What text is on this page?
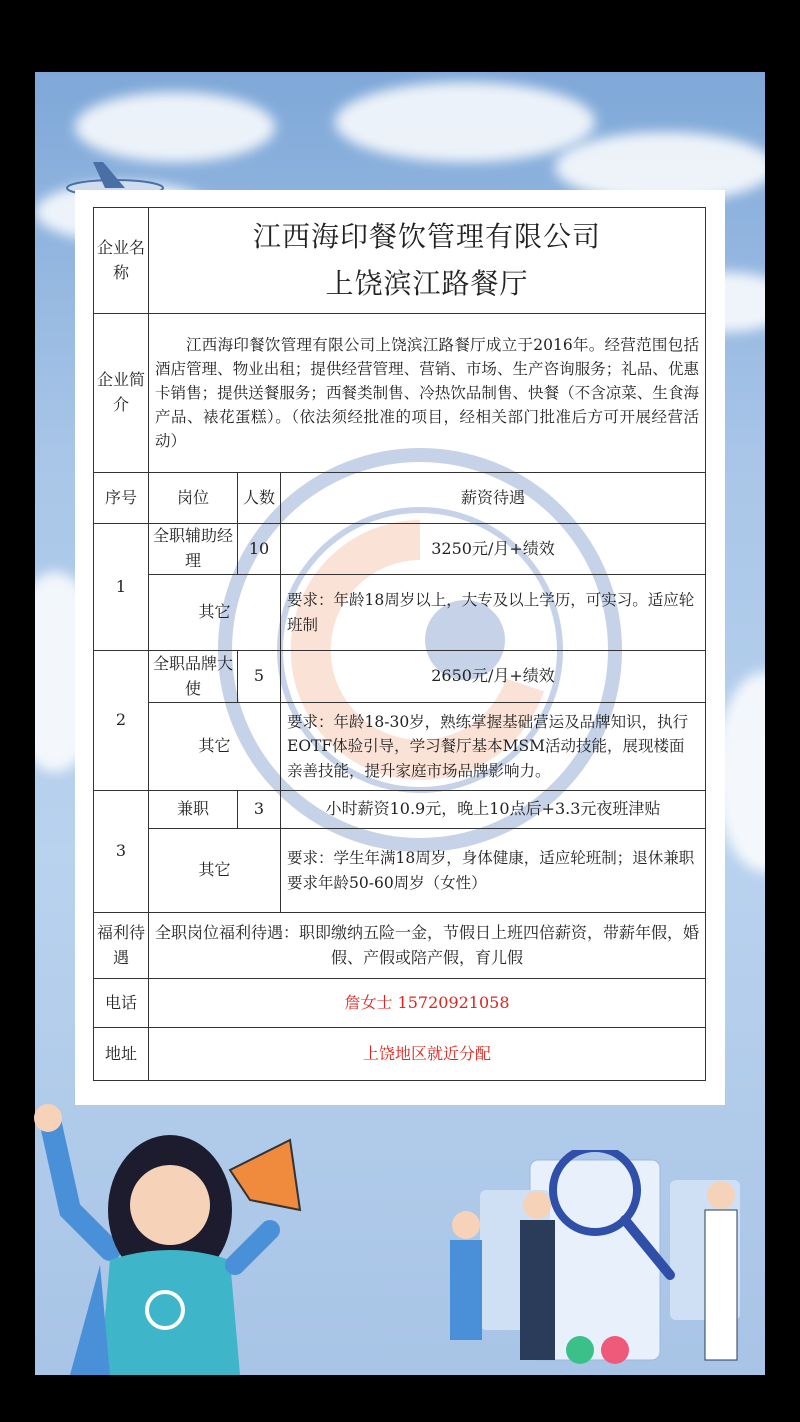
企业名称	江西海印餐饮管理有限公司
上饶滨江路餐厅		

企业简介	江西海印餐饮管理有限公司上饶滨江路餐厅成立于2016年。经营范围包括酒店管理、物业出租；提供经营管理、营销、市场、生产咨询服务；礼品、优惠卡销售；提供送餐服务；西餐类制售、冷热饮品制售、快餐（不含凉菜、生食海产品、裱花蛋糕）。（依法须经批准的项目，经相关部门批准后方可开展经营活动）		
序号	岗位	人数	薪资待遇
1	全职辅助经理	10	3250元/月+绩效
	其它		要求：年龄18周岁以上，大专及以上学历，可实习。适应轮班制
2	全职品牌大使	5	2650元/月+绩效
	其它		要求：年龄18-30岁，熟练掌握基础营运及品牌知识，执行EOTF体验引导，学习餐厅基本MSM活动技能，展现楼面亲善技能，提升家庭市场品牌影响力。
3	兼职	3	小时薪资10.9元，晚上10点后+3.3元夜班津贴
	其它		要求：学生年满18周岁，身体健康，适应轮班制；退休兼职要求年龄50-60周岁（女性）
福利待遇	全职岗位福利待遇：职即缴纳五险一金，节假日上班四倍薪资，带薪年假，婚假、产假或陪产假，育儿假		
电话	詹女士 15720921058		
地址	上饶地区就近分配		
